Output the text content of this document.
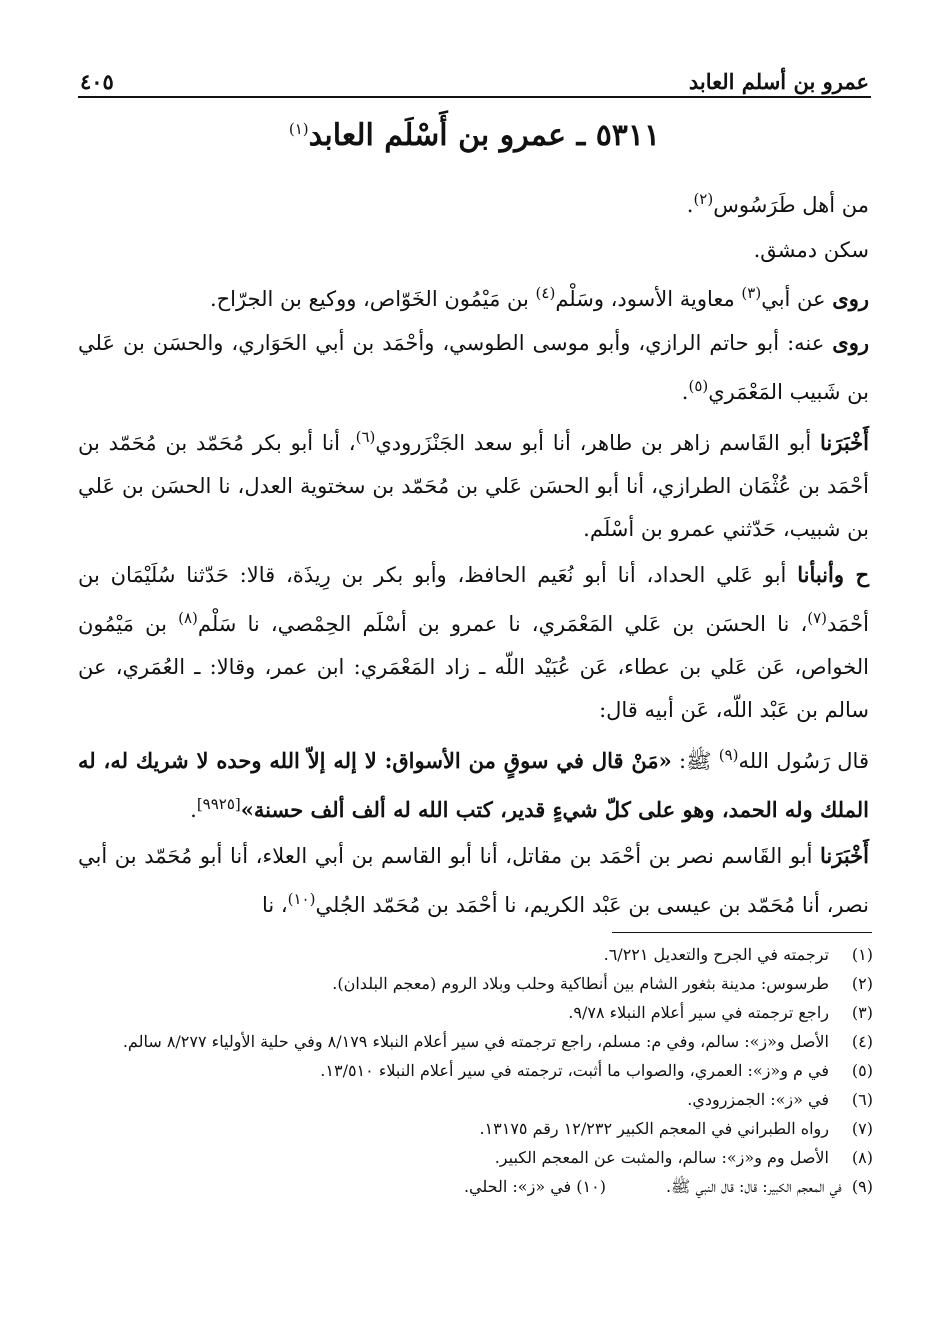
عمرو بن أسلم العابد
٤٠٥
٥٣١١ ـ عمرو بن أَسْلَم العابد$^{(١)}$

من أهل طَرَسُوس$^{(٢)}$.

سكن دمشق.

روى عن أبي$^{(٣)}$ معاوية الأسود، وسَلْم$^{(٤)}$ بن مَيْمُون الخَوّاص، ووكيع بن الجرّاح.

روى عنه: أبو حاتم الرازي، وأبو موسى الطوسي، وأحْمَد بن أبي الحَوَاري، والحسَن بن عَلي بن شَبيب المَعْمَري$^{(٥)}$.

أَخْبَرَنا أبو القَاسم زاهر بن طاهر، أنا أبو سعد الجَنْزَرودي$^{(٦)}$، أنا أبو بكر مُحَمّد بن مُحَمّد بن أحْمَد بن عُثْمَان الطرازي، أنا أبو الحسَن عَلي بن مُحَمّد بن سختوية العدل، نا الحسَن بن عَلي بن شبيب، حَدّثني عمرو بن أسْلَم.

ح وأنبأنا أبو عَلي الحداد، أنا أبو نُعَيم الحافظ، وأبو بكر بن رِيذَة، قالا: حَدّثنا سُلَيْمَان بن أحْمَد$^{(٧)}$، نا الحسَن بن عَلي المَعْمَري، نا عمرو بن أسْلَم الحِمْصي، نا سَلْم$^{(٨)}$ بن مَيْمُون الخواص، عَن عَلي بن عطاء، عَن عُبَيْد اللّه ـ زاد المَعْمَري: ابن عمر، وقالا: ـ العُمَري، عن سالم بن عَبْد اللّه، عَن أبيه قال:

قال رَسُول الله$^{(٩)}$ ﷺ: «مَنْ قال في سوقٍ من الأسواق: لا إله إلاّ الله وحده لا شريك له، له الملك وله الحمد، وهو على كلّ شيءٍ قدير، كتب الله له ألف ألف حسنة»[٩٩٢٥].

أَخْبَرَنا أبو القَاسم نصر بن أحْمَد بن مقاتل، أنا أبو القاسم بن أبي العلاء، أنا أبو مُحَمّد بن أبي نصر، أنا مُحَمّد بن عيسى بن عَبْد الكريم، نا أحْمَد بن مُحَمّد الجُلي$^{(١٠)}$، نا

(١)
ترجمته في الجرح والتعديل ٦/٢٢١.
(٢)
طرسوس: مدينة بثغور الشام بين أنطاكية وحلب وبلاد الروم (معجم البلدان).
(٣)
راجع ترجمته في سير أعلام النبلاء ٩/٧٨.
(٤)
الأصل و«ز»: سالم، وفي م: مسلم، راجع ترجمته في سير أعلام النبلاء ٨/١٧٩ وفي حلية الأولياء ٨/٢٧٧ سالم.
(٥)
في م و«ز»: العمري، والصواب ما أثبت، ترجمته في سير أعلام النبلاء ١٣/٥١٠.
(٦)
في «ز»: الجمزرودي.
(٧)
رواه الطبراني في المعجم الكبير ١٢/٢٣٢ رقم ١٣١٧٥.
(٨)
الأصل وم و«ز»: سالم، والمثبت عن المعجم الكبير.
(٩)  في المعجم الكبير: قال: قال النبي ﷺ.
(١٠) في «ز»: الحلي.
